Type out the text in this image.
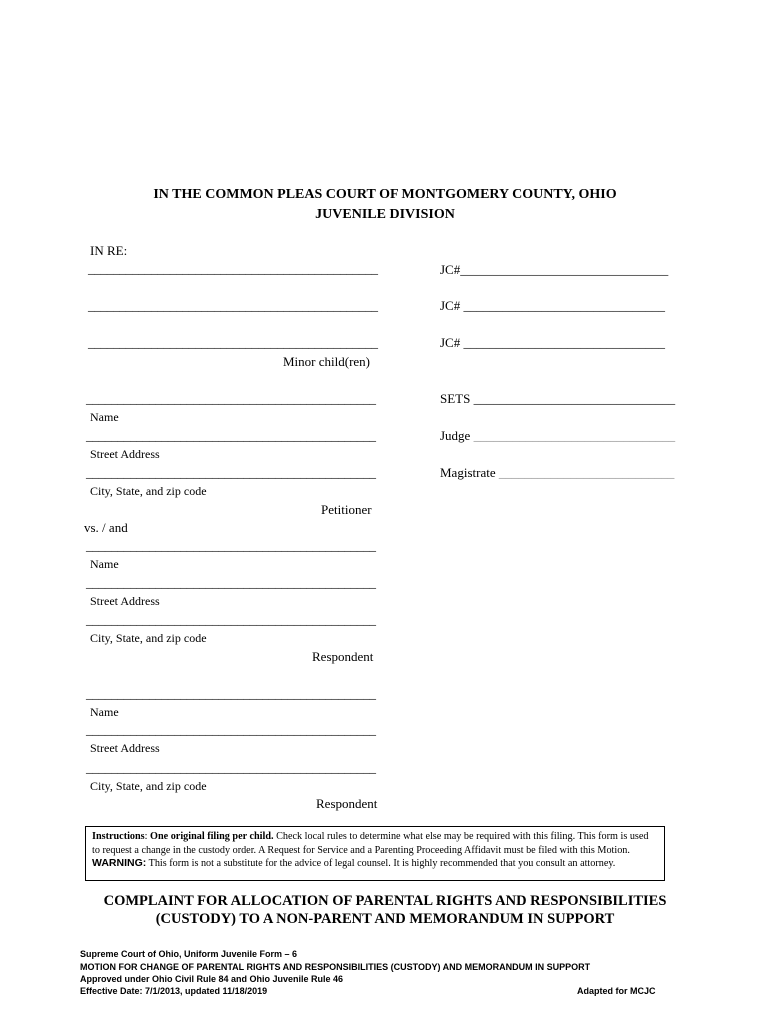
IN THE COMMON PLEAS COURT OF MONTGOMERY COUNTY, OHIO
JUVENILE DIVISION
IN RE:
______________________________________________
______________________________________________
______________________________________________
Minor child(ren)
JC#________________________________
JC# _______________________________
JC# _______________________________
SETS _______________________________
Judge _______________________________
Magistrate ___________________________
______________________________________________
Name
______________________________________________
Street Address
______________________________________________
City, State, and zip code
Petitioner
vs. / and
______________________________________________
Name
______________________________________________
Street Address
______________________________________________
City, State, and zip code
Respondent
______________________________________________
Name
______________________________________________
Street Address
______________________________________________
City, State, and zip code
Respondent
Instructions: One original filing per child. Check local rules to determine what else may be required with this filing. This form is used to request a change in the custody order. A Request for Service and a Parenting Proceeding Affidavit must be filed with this Motion. WARNING: This form is not a substitute for the advice of legal counsel. It is highly recommended that you consult an attorney.
COMPLAINT FOR ALLOCATION OF PARENTAL RIGHTS AND RESPONSIBILITIES
(CUSTODY) TO A NON-PARENT AND MEMORANDUM IN SUPPORT
Supreme Court of Ohio, Uniform Juvenile Form – 6
MOTION FOR CHANGE OF PARENTAL RIGHTS AND RESPONSIBILITIES (CUSTODY) AND MEMORANDUM IN SUPPORT
Approved under Ohio Civil Rule 84 and Ohio Juvenile Rule 46
Effective Date: 7/1/2013, updated 11/18/2019	Adapted for MCJC
